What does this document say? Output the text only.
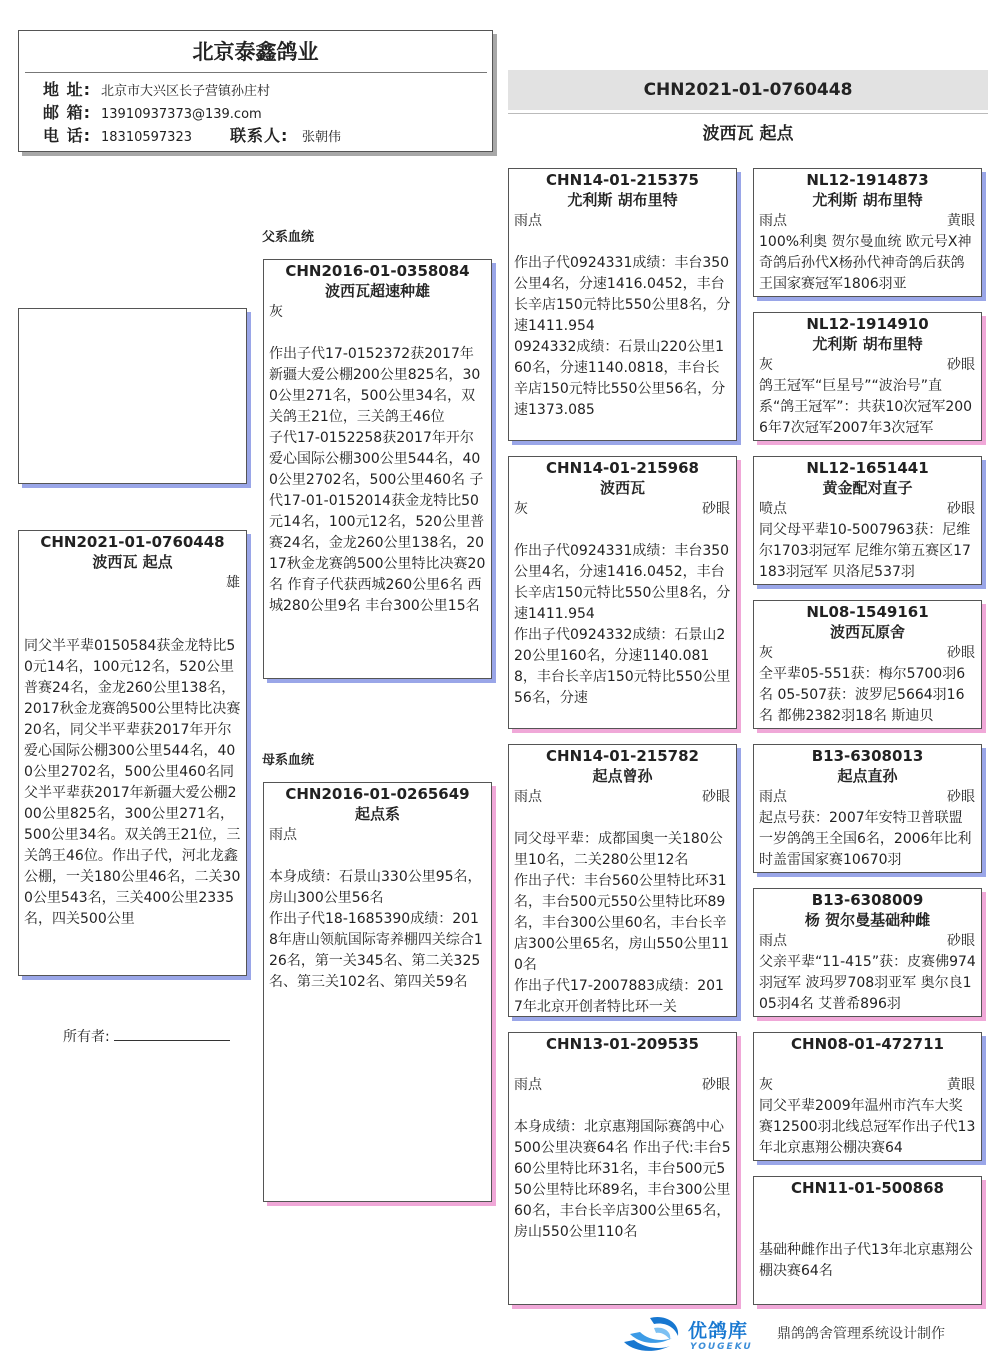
北京泰鑫鸽业
地 址: 北京市大兴区长子营镇孙庄村
邮 箱: 13910937373@139.com
电 话: 18310597323	联系人:	张朝伟
CHN2021-01-0760448
波西瓦 起点
CHN2021-01-0760448
波西瓦 起点
雄
同父半平辈0150584获金龙特比50元14名，100元12名，520公里普赛24名，金龙260公里138名，2017秋金龙赛鸽500公里特比决赛20名，同父半平辈获2017年开尔爱心国际公棚300公里544名，400公里2702名，500公里460名同父半平辈获2017年新疆大爱公棚200公里825名，300公里271名，500公里34名。双关鸽王21位，三关鸽王46位。作出子代，河北龙鑫公棚，一关180公里46名，二关300公里543名，三关400公里2335名，四关500公里
所有者:
父系血统
母系血统
CHN2016-01-0358084
波西瓦超速种雄
灰
作出子代17-0152372获2017年新疆大爱公棚200公里825名，300公里271名，500公里34名，双关鸽王21位，三关鸽王46位
子代17-0152258获2017年开尔爱心国际公棚300公里544名，400公里2702名，500公里460名 子代17-01-0152014获金龙特比50元14名，100元12名，520公里普赛24名，金龙260公里138名，2017秋金龙赛鸽500公里特比决赛20名 作育子代获西城260公里6名 西城280公里9名 丰台300公里15名
CHN2016-01-0265649
起点系
雨点
本身成绩：石景山330公里95名，房山300公里56名
作出子代18-1685390成绩：2018年唐山领航国际寄养棚四关综合126名，第一关345名、第二关325名、第三关102名、第四关59名
CHN14-01-215375
尤利斯 胡布里特
雨点
作出子代0924331成绩：丰台350公里4名，分速1416.0452，丰台长辛店150元特比550公里8名，分速1411.954
0924332成绩：石景山220公里160名，分速1140.0818，丰台长辛店150元特比550公里56名，分速1373.085
CHN14-01-215968
波西瓦
灰	砂眼
作出子代0924331成绩：丰台350公里4名，分速1416.0452，丰台长辛店150元特比550公里8名，分速1411.954
作出子代0924332成绩：石景山220公里160名，分速1140.0818，丰台长辛店150元特比550公里56名，分速
CHN14-01-215782
起点曾孙
雨点	砂眼
同父母平辈：成都国奥一关180公里10名，二关280公里12名
作出子代：丰台560公里特比环31名，丰台500元550公里特比环89名，丰台300公里60名，丰台长辛店300公里65名，房山550公里110名
作出子代17-2007883成绩：2017年北京开创者特比环一关
CHN13-01-209535
雨点	砂眼
本身成绩：北京惠翔国际赛鸽中心500公里决赛64名 作出子代:丰台560公里特比环31名，丰台500元550公里特比环89名，丰台300公里60名，丰台长辛店300公里65名，房山550公里110名
NL12-1914873
尤利斯 胡布里特
雨点	黄眼
100%利奥 贺尔曼血统 欧元号X神奇鸽后孙代X杨孙代神奇鸽后获鸽王国家赛冠军1806羽亚
NL12-1914910
尤利斯 胡布里特
灰	砂眼
鸽王冠军“巨星号”“波治号”直系“鸽王冠军”：共获10次冠军2006年7次冠军2007年3次冠军
NL12-1651441
黄金配对直子
喷点	砂眼
同父母平辈10-5007963获：尼维尔1703羽冠军 尼维尔第五赛区17183羽冠军 贝洛尼537羽
NL08-1549161
波西瓦原舍
灰	砂眼
全平辈05-551获：梅尔5700羽6名 05-507获：波罗尼5664羽16名 都佛2382羽18名 斯迪贝
B13-6308013
起点直孙
雨点	砂眼
起点号获：2007年安特卫普联盟一岁鸽鸽王全国6名，2006年比利时盖雷国家赛10670羽
B13-6308009
杨 贺尔曼基础种雌
雨点	砂眼
父亲平辈“11-415”获：皮赛佛974羽冠军 波玛罗708羽亚军 奥尔良105羽4名 艾普希896羽
CHN08-01-472711
灰	黄眼
同父平辈2009年温州市汽车大奖赛12500羽北线总冠军作出子代13年北京惠翔公棚决赛64
CHN11-01-500868
基础种雌作出子代13年北京惠翔公棚决赛64名
优鸽库
YOUGEKU
鼎鸽鸽舍管理系统设计制作
